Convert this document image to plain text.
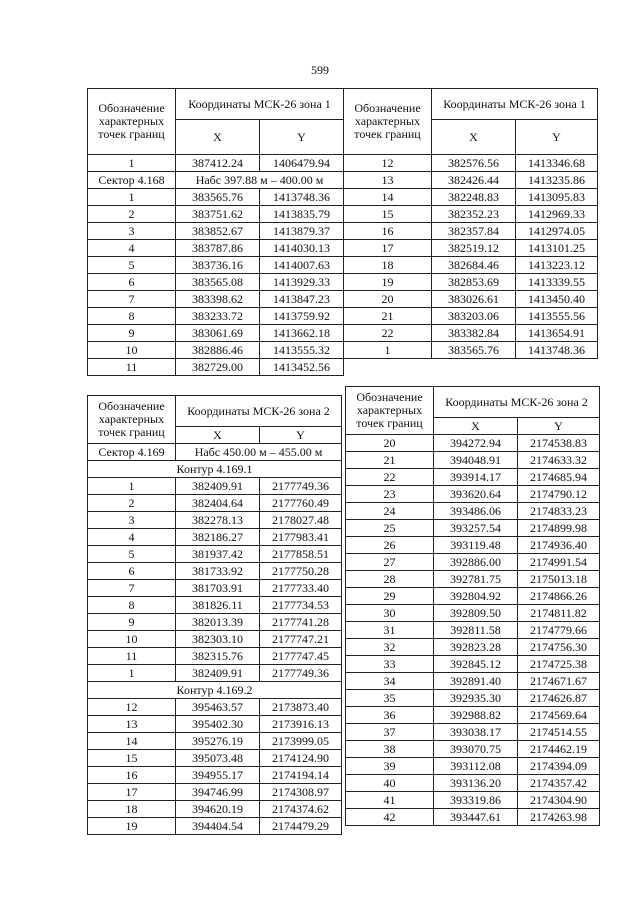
599
Обозначение характерных точек границ	Координаты МСК-26 зона 1	
	X	Y
1	387412.24	1406479.94
Сектор 4.168	Набс 397.88 м – 400.00 м	
1	383565.76	1413748.36
2	383751.62	1413835.79
3	383852.67	1413879.37
4	383787.86	1414030.13
5	383736.16	1414007.63
6	383565.08	1413929.33
7	383398.62	1413847.23
8	383233.72	1413759.92
9	383061.69	1413662.18
10	382886.46	1413555.32
11	382729.00	1413452.56
Обозначение характерных точек границ	Координаты МСК-26 зона 1	
	X	Y
12	382576.56	1413346.68
13	382426.44	1413235.86
14	382248.83	1413095.83
15	382352.23	1412969.33
16	382357.84	1412974.05
17	382519.12	1413101.25
18	382684.46	1413223.12
19	382853.69	1413339.55
20	383026.61	1413450.40
21	383203.06	1413555.56
22	383382.84	1413654.91
1	383565.76	1413748.36
Обозначение характерных точек границ	Координаты МСК-26 зона 2	
	X	Y
Сектор 4.169	Набс 450.00 м – 455.00 м	
Контур 4.169.1		
1	382409.91	2177749.36
2	382404.64	2177760.49
3	382278.13	2178027.48
4	382186.27	2177983.41
5	381937.42	2177858.51
6	381733.92	2177750.28
7	381703.91	2177733.40
8	381826.11	2177734.53
9	382013.39	2177741.28
10	382303.10	2177747.21
11	382315.76	2177747.45
1	382409.91	2177749.36
Контур 4.169.2		
12	395463.57	2173873.40
13	395402.30	2173916.13
14	395276.19	2173999.05
15	395073.48	2174124.90
16	394955.17	2174194.14
17	394746.99	2174308.97
18	394620.19	2174374.62
19	394404.54	2174479.29
Обозначение характерных точек границ	Координаты МСК-26 зона 2	
	X	Y
20	394272.94	2174538.83
21	394048.91	2174633.32
22	393914.17	2174685.94
23	393620.64	2174790.12
24	393486.06	2174833.23
25	393257.54	2174899.98
26	393119.48	2174936.40
27	392886.00	2174991.54
28	392781.75	2175013.18
29	392804.92	2174866.26
30	392809.50	2174811.82
31	392811.58	2174779.66
32	392823.28	2174756.30
33	392845.12	2174725.38
34	392891.40	2174671.67
35	392935.30	2174626.87
36	392988.82	2174569.64
37	393038.17	2174514.55
38	393070.75	2174462.19
39	393112.08	2174394.09
40	393136.20	2174357.42
41	393319.86	2174304.90
42	393447.61	2174263.98
